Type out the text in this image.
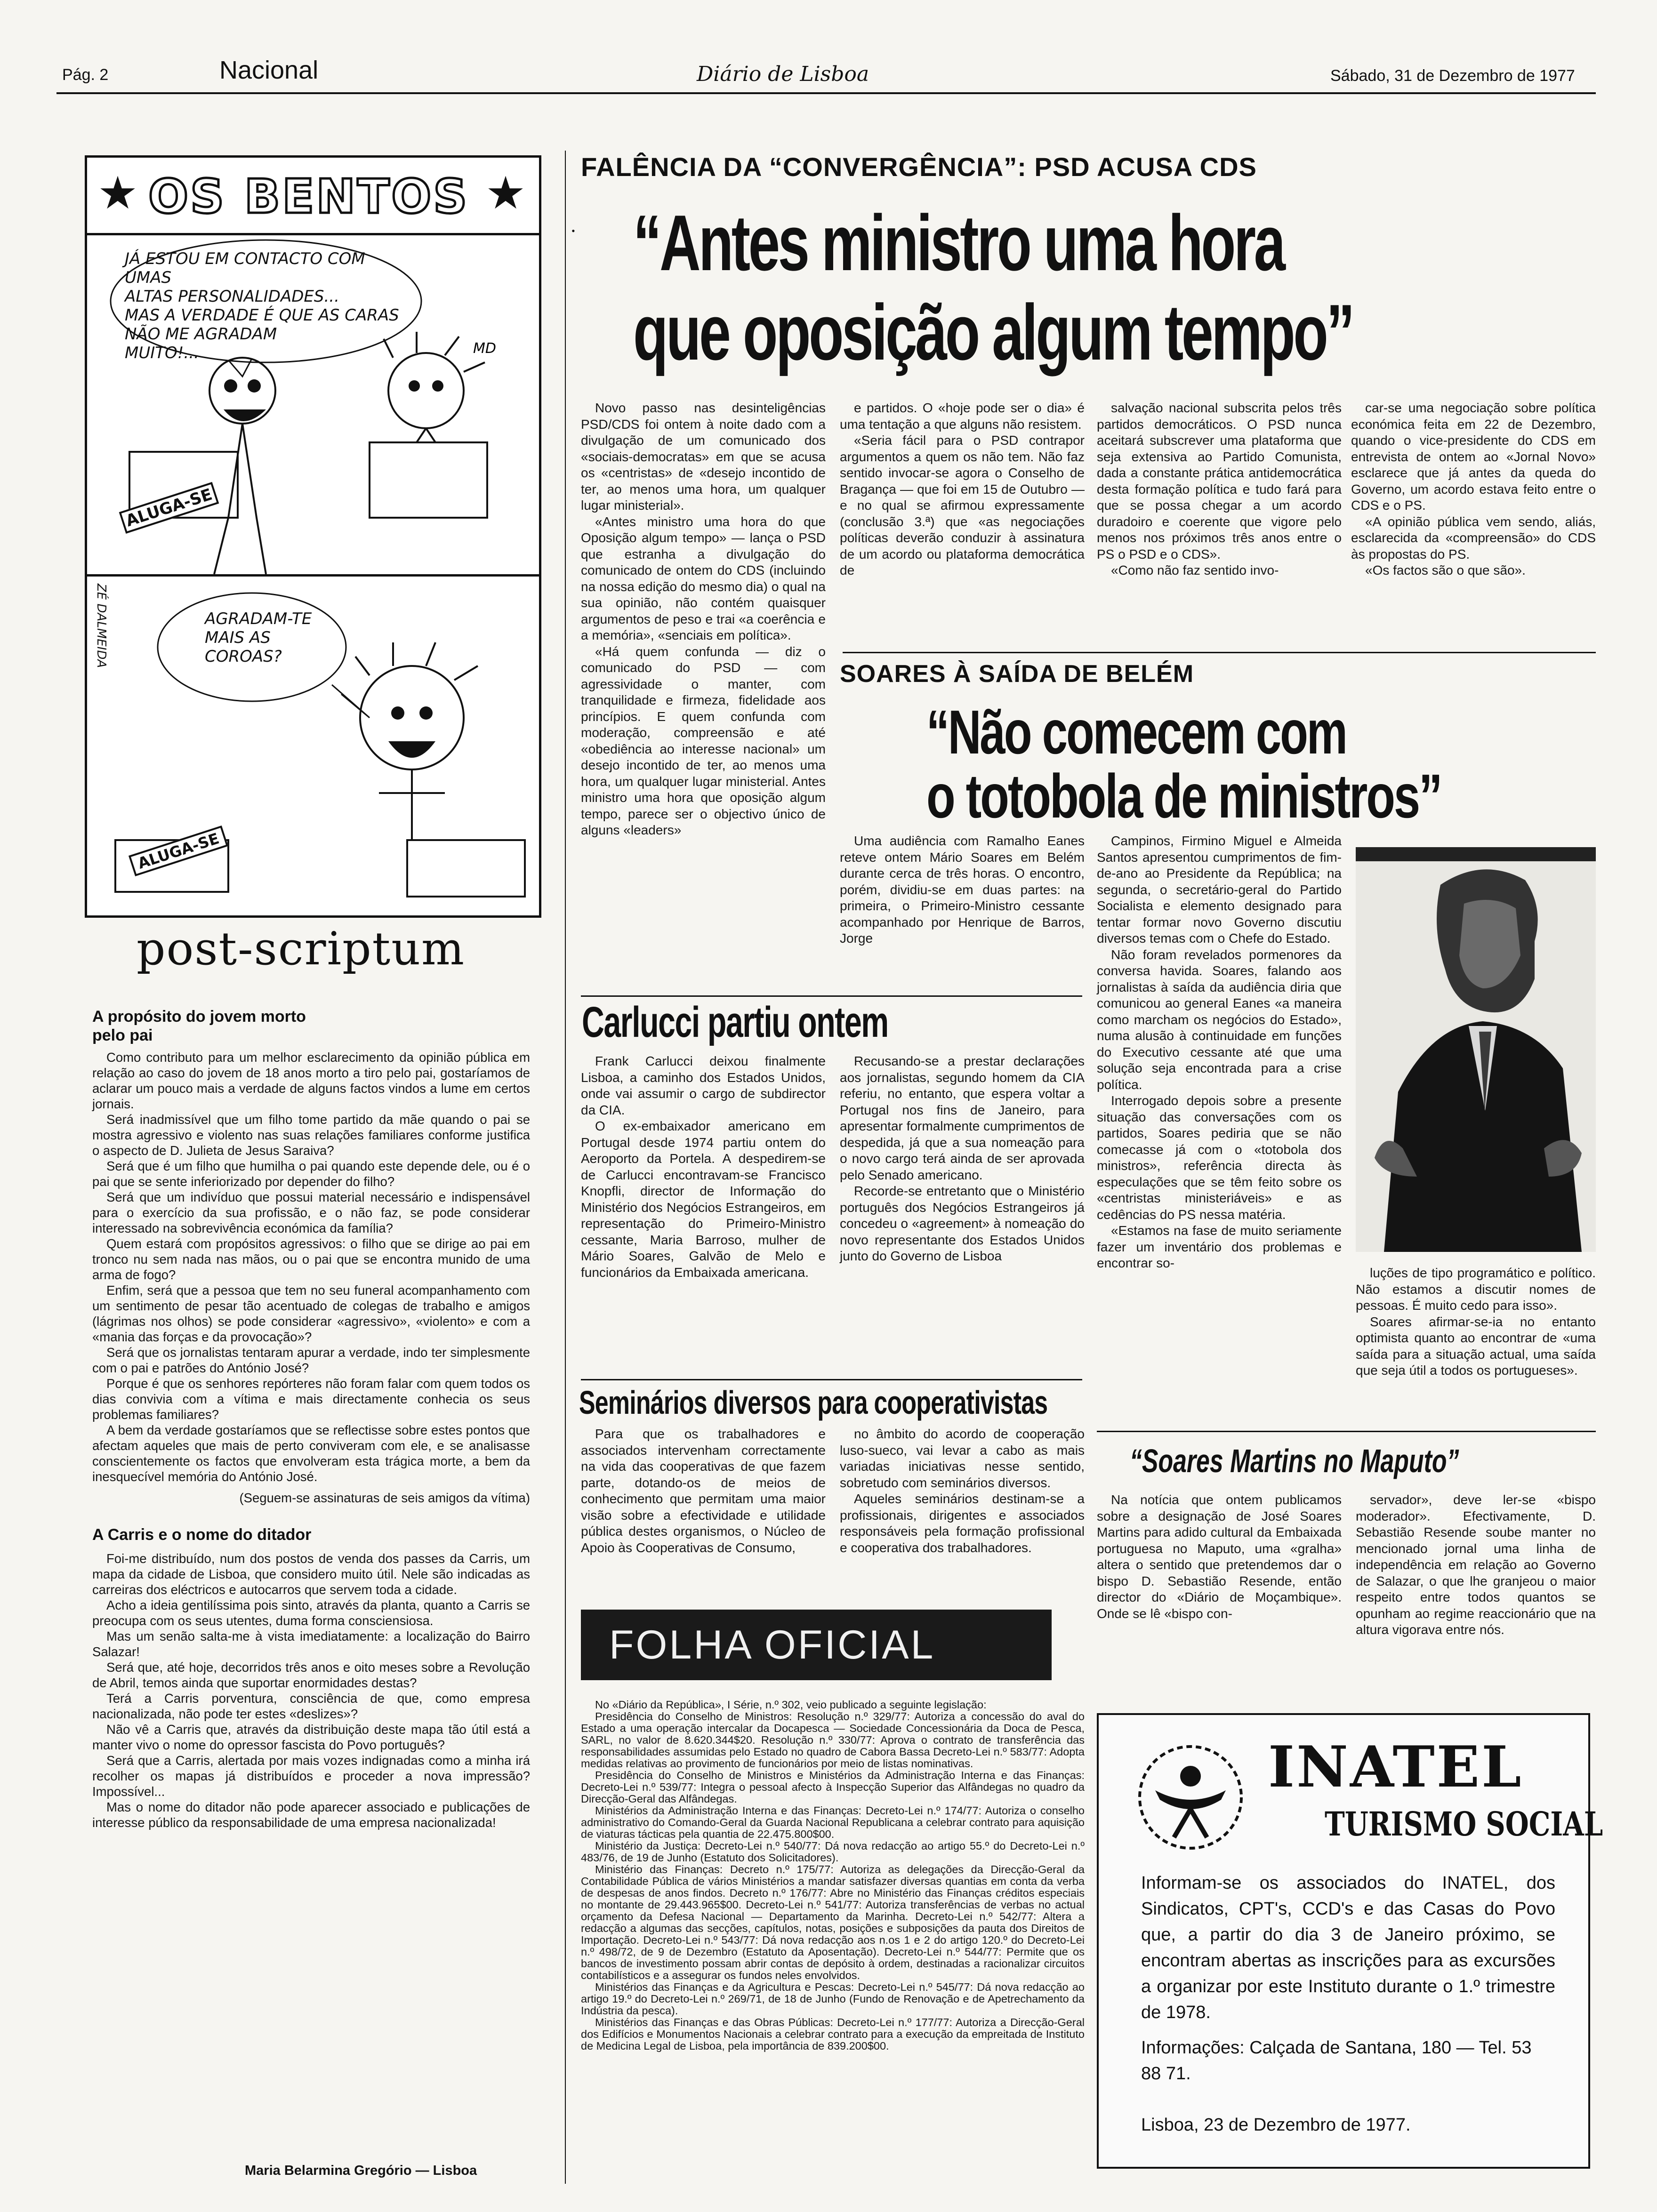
Pág. 2	Nacional	Diário de Lisboa	Sábado, 31 de Dezembro de 1977
★ OS BENTOS ★
JÁ ESTOU EM CONTACTO COM UMAS
ALTAS PERSONALIDADES...
MAS A VERDADE É QUE AS CARAS
NÃO ME AGRADAM
MUITO!...	MD
ALUGA-SE
ZÉ DALMEIDA	AGRADAM-TE
MAIS AS
COROAS?
ALUGA-SE
post-scriptum
A propósito do jovem morto pelo pai

Como contributo para um melhor esclarecimento da opinião pública em relação ao caso do jovem de 18 anos morto a tiro pelo pai, gostaríamos de aclarar um pouco mais a verdade de alguns factos vindos a lume em certos jornais.

Será inadmissível que um filho tome partido da mãe quando o pai se mostra agressivo e violento nas suas relações familiares conforme justifica o aspecto de D. Julieta de Jesus Saraiva?

Será que é um filho que humilha o pai quando este depende dele, ou é o pai que se sente inferiorizado por depender do filho?

Será que um indivíduo que possui material necessário e indispensável para o exercício da sua profissão, e o não faz, se pode considerar interessado na sobrevivência económica da família?

Quem estará com propósitos agressivos: o filho que se dirige ao pai em tronco nu sem nada nas mãos, ou o pai que se encontra munido de uma arma de fogo?

Enfim, será que a pessoa que tem no seu funeral acompanhamento com um sentimento de pesar tão acentuado de colegas de trabalho e amigos (lágrimas nos olhos) se pode considerar «agressivo», «violento» e com a «mania das forças e da provocação»?

Será que os jornalistas tentaram apurar a verdade, indo ter simplesmente com o pai e patrões do António José?

Porque é que os senhores repórteres não foram falar com quem todos os dias convivia com a vítima e mais directamente conhecia os seus problemas familiares?

A bem da verdade gostaríamos que se reflectisse sobre estes pontos que afectam aqueles que mais de perto conviveram com ele, e se analisasse conscientemente os factos que envolveram esta trágica morte, a bem da inesquecível memória do António José.

(Seguem-se assinaturas de seis amigos da vítima)
A Carris e o nome do ditador

Foi-me distribuído, num dos postos de venda dos passes da Carris, um mapa da cidade de Lisboa, que considero muito útil. Nele são indicadas as carreiras dos eléctricos e autocarros que servem toda a cidade.

Acho a ideia gentilíssima pois sinto, através da planta, quanto a Carris se preocupa com os seus utentes, duma forma consciensiosa.

Mas um senão salta-me à vista imediatamente: a localização do Bairro Salazar!

Será que, até hoje, decorridos três anos e oito meses sobre a Revolução de Abril, temos ainda que suportar enormidades destas?

Terá a Carris porventura, consciência de que, como empresa nacionalizada, não pode ter estes «deslizes»?

Não vê a Carris que, através da distribuição deste mapa tão útil está a manter vivo o nome do opressor fascista do Povo português?

Será que a Carris, alertada por mais vozes indignadas como a minha irá recolher os mapas já distribuídos e proceder a nova impressão? Impossível...

Mas o nome do ditador não pode aparecer associado e publicações de interesse público da responsabilidade de uma empresa nacionalizada!

Maria Belarmina Gregório — Lisboa
FALÊNCIA DA “CONVERGÊNCIA”: PSD ACUSA CDS
• “Antes ministro uma hora
que oposição algum tempo”

Novo passo nas desinteligências PSD/CDS foi ontem à noite dado com a divulgação de um comunicado dos «sociais-democratas» em que se acusa os «centristas» de «desejo incontido de ter, ao menos uma hora, um qualquer lugar ministerial».

«Antes ministro uma hora do que Oposição algum tempo» — lança o PSD que estranha a divulgação do comunicado de ontem do CDS (incluindo na nossa edição do mesmo dia) o qual na sua opinião, não contém quaisquer argumentos de peso e trai «a coerência e a memória», «senciais em política».

«Há quem confunda — diz o comunicado do PSD — com agressividade o manter, com tranquilidade e firmeza, fidelidade aos princípios. E quem confunda com moderação, compreensão e até «obediência ao interesse nacional» um desejo incontido de ter, ao menos uma hora, um qualquer lugar ministerial. Antes ministro uma hora que oposição algum tempo, parece ser o objectivo único de alguns «leaders»

e partidos. O «hoje pode ser o dia» é uma tentação a que alguns não resistem.

«Seria fácil para o PSD contrapor argumentos a quem os não tem. Não faz sentido invocar-se agora o Conselho de Bragança — que foi em 15 de Outubro — e no qual se afirmou expressamente (conclusão 3.ª) que «as negociações políticas deverão conduzir à assinatura de um acordo ou plataforma democrática de

salvação nacional subscrita pelos três partidos democráticos. O PSD nunca aceitará subscrever uma plataforma que seja extensiva ao Partido Comunista, dada a constante prática antidemocrática desta formação política e tudo fará para que se possa chegar a um acordo duradoiro e coerente que vigore pelo menos nos próximos três anos entre o PS o PSD e o CDS».

«Como não faz sentido invo-

car-se uma negociação sobre política económica feita em 22 de Dezembro, quando o vice-presidente do CDS em entrevista de ontem ao «Jornal Novo» esclarece que já antes da queda do Governo, um acordo estava feito entre o CDS e o PS.

«A opinião pública vem sendo, aliás, esclarecida da «compreensão» do CDS às propostas do PS.

«Os factos são o que são».

SOARES À SAÍDA DE BELÉM
“Não comecem com
o totobola de ministros”

Uma audiência com Ramalho Eanes reteve ontem Mário Soares em Belém durante cerca de três horas. O encontro, porém, dividiu-se em duas partes: na primeira, o Primeiro-Ministro cessante acompanhado por Henrique de Barros, Jorge

Campinos, Firmino Miguel e Almeida Santos apresentou cumprimentos de fim-de-ano ao Presidente da República; na segunda, o secretário-geral do Partido Socialista e elemento designado para tentar formar novo Governo discutiu diversos temas com o Chefe do Estado.

Não foram revelados pormenores da conversa havida. Soares, falando aos jornalistas à saída da audiência diria que comunicou ao general Eanes «a maneira como marcham os negócios do Estado», numa alusão à continuidade em funções do Executivo cessante até que uma solução seja encontrada para a crise política.

Interrogado depois sobre a presente situação das conversações com os partidos, Soares pediria que se não comecasse já com o «totobola dos ministros», referência directa às especulações que se têm feito sobre os «centristas ministeriáveis» e as cedências do PS nessa matéria.

«Estamos na fase de muito seriamente fazer um inventário dos problemas e encontrar so-

luções de tipo programático e político. Não estamos a discutir nomes de pessoas. É muito cedo para isso».

Soares afirmar-se-ia no entanto optimista quanto ao encontrar de «uma saída para a situação actual, uma saída que seja útil a todos os portugueses».

Carlucci partiu ontem

Frank Carlucci deixou finalmente Lisboa, a caminho dos Estados Unidos, onde vai assumir o cargo de subdirector da CIA.

O ex-embaixador americano em Portugal desde 1974 partiu ontem do Aeroporto da Portela. A despedirem-se de Carlucci encontravam-se Francisco Knopfli, director de Informação do Ministério dos Negócios Estrangeiros, em representação do Primeiro-Ministro cessante, Maria Barroso, mulher de Mário Soares, Galvão de Melo e funcionários da Embaixada americana.

Recusando-se a prestar declarações aos jornalistas, segundo homem da CIA referiu, no entanto, que espera voltar a Portugal nos fins de Janeiro, para apresentar formalmente cumprimentos de despedida, já que a sua nomeação para o novo cargo terá ainda de ser aprovada pelo Senado americano.

Recorde-se entretanto que o Ministério português dos Negócios Estrangeiros já concedeu o «agreement» à nomeação do novo representante dos Estados Unidos junto do Governo de Lisboa

Seminários diversos para cooperativistas

Para que os trabalhadores e associados intervenham correctamente na vida das cooperativas de que fazem parte, dotando-os de meios de conhecimento que permitam uma maior visão sobre a efectividade e utilidade pública destes organismos, o Núcleo de Apoio às Cooperativas de Consumo,

no âmbito do acordo de cooperação luso-sueco, vai levar a cabo as mais variadas iniciativas nesse sentido, sobretudo com seminários diversos.

Aqueles seminários destinam-se a profissionais, dirigentes e associados responsáveis pela formação profissional e cooperativa dos trabalhadores.

“Soares Martins no Maputo”

Na notícia que ontem publicamos sobre a designação de José Soares Martins para adido cultural da Embaixada portuguesa no Maputo, uma «gralha» altera o sentido que pretendemos dar o bispo D. Sebastião Resende, então director do «Diário de Moçambique». Onde se lê «bispo con-

servador», deve ler-se «bispo moderador». Efectivamente, D. Sebastião Resende soube manter no mencionado jornal uma linha de independência em relação ao Governo de Salazar, o que lhe granjeou o maior respeito entre todos quantos se opunham ao regime reaccionário que na altura vigorava entre nós.

FOLHA OFICIAL

No «Diário da República», I Série, n.º 302, veio publicado a seguinte legislação:

Presidência do Conselho de Ministros: Resolução n.º 329/77: Autoriza a concessão do aval do Estado a uma operação intercalar da Docapesca — Sociedade Concessionária da Doca de Pesca, SARL, no valor de 8.620.344$20. Resolução n.º 330/77: Aprova o contrato de transferência das responsabilidades assumidas pelo Estado no quadro de Cabora Bassa Decreto-Lei n.º 583/77: Adopta medidas relativas ao provimento de funcionários por meio de listas nominativas.

Presidência do Conselho de Ministros e Ministérios da Administração Interna e das Finanças: Decreto-Lei n.º 539/77: Integra o pessoal afecto à Inspecção Superior das Alfândegas no quadro da Direcção-Geral das Alfândegas.

Ministérios da Administração Interna e das Finanças: Decreto-Lei n.º 174/77: Autoriza o conselho administrativo do Comando-Geral da Guarda Nacional Republicana a celebrar contrato para aquisição de viaturas tácticas pela quantia de 22.475.800$00.

Ministério da Justiça: Decreto-Lei n.º 540/77: Dá nova redacção ao artigo 55.º do Decreto-Lei n.º 483/76, de 19 de Junho (Estatuto dos Solicitadores).

Ministério das Finanças: Decreto n.º 175/77: Autoriza as delegações da Direcção-Geral da Contabilidade Pública de vários Ministérios a mandar satisfazer diversas quantias em conta da verba de despesas de anos findos. Decreto n.º 176/77: Abre no Ministério das Finanças créditos especiais no montante de 29.443.965$00. Decreto-Lei n.º 541/77: Autoriza transferências de verbas no actual orçamento da Defesa Nacional — Departamento da Marinha. Decreto-Lei n.º 542/77: Altera a redacção a algumas das secções, capítulos, notas, posições e subposições da pauta dos Direitos de Importação. Decreto-Lei n.º 543/77: Dá nova redacção aos n.os 1 e 2 do artigo 120.º do Decreto-Lei n.º 498/72, de 9 de Dezembro (Estatuto da Aposentação). Decreto-Lei n.º 544/77: Permite que os bancos de investimento possam abrir contas de depósito à ordem, destinadas a racionalizar circuitos contabilísticos e a assegurar os fundos neles envolvidos.

Ministérios das Finanças e da Agricultura e Pescas: Decreto-Lei n.º 545/77: Dá nova redacção ao artigo 19.º do Decreto-Lei n.º 269/71, de 18 de Junho (Fundo de Renovação e de Apetrechamento da Indústria da pesca).

Ministérios das Finanças e das Obras Públicas: Decreto-Lei n.º 177/77: Autoriza a Direcção-Geral dos Edifícios e Monumentos Nacionais a celebrar contrato para a execução da empreitada de Instituto de Medicina Legal de Lisboa, pela importância de 839.200$00.

INATEL
TURISMO SOCIAL
Informam-se os associados do INATEL, dos Sindicatos, CPT's, CCD's e das Casas do Povo que, a partir do dia 3 de Janeiro próximo, se encontram abertas as inscrições para as excursões a organizar por este Instituto durante o 1.º trimestre de 1978.
Informações: Calçada de Santana, 180 — Tel. 53 88 71.
Lisboa, 23 de Dezembro de 1977.
